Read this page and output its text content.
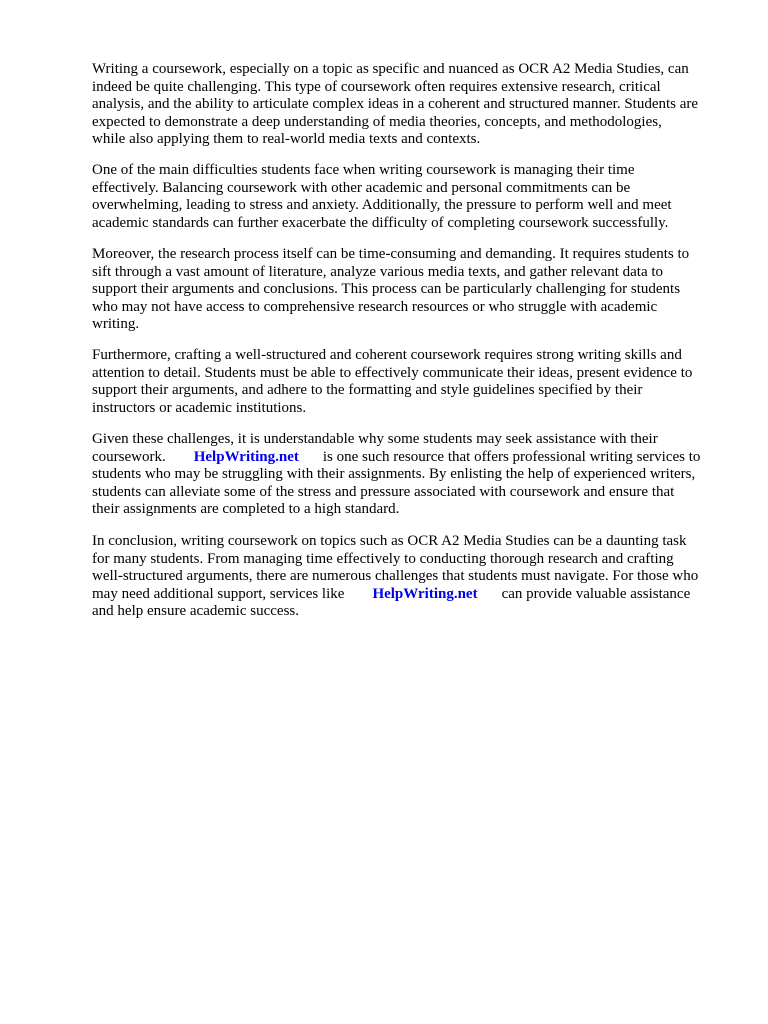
Writing a coursework, especially on a topic as specific and nuanced as OCR A2 Media Studies, can
indeed be quite challenging. This type of coursework often requires extensive research, critical
analysis, and the ability to articulate complex ideas in a coherent and structured manner. Students are
expected to demonstrate a deep understanding of media theories, concepts, and methodologies,
while also applying them to real-world media texts and contexts.
One of the main difficulties students face when writing coursework is managing their time
effectively. Balancing coursework with other academic and personal commitments can be
overwhelming, leading to stress and anxiety. Additionally, the pressure to perform well and meet
academic standards can further exacerbate the difficulty of completing coursework successfully.
Moreover, the research process itself can be time-consuming and demanding. It requires students to
sift through a vast amount of literature, analyze various media texts, and gather relevant data to
support their arguments and conclusions. This process can be particularly challenging for students
who may not have access to comprehensive research resources or who struggle with academic
writing.
Furthermore, crafting a well-structured and coherent coursework requires strong writing skills and
attention to detail. Students must be able to effectively communicate their ideas, present evidence to
support their arguments, and adhere to the formatting and style guidelines specified by their
instructors or academic institutions.
Given these challenges, it is understandable why some students may seek assistance with their
coursework. HelpWriting.net is one such resource that offers professional writing services to
students who may be struggling with their assignments. By enlisting the help of experienced writers,
students can alleviate some of the stress and pressure associated with coursework and ensure that
their assignments are completed to a high standard.
In conclusion, writing coursework on topics such as OCR A2 Media Studies can be a daunting task
for many students. From managing time effectively to conducting thorough research and crafting
well-structured arguments, there are numerous challenges that students must navigate. For those who
may need additional support, services like HelpWriting.net can provide valuable assistance
and help ensure academic success.
